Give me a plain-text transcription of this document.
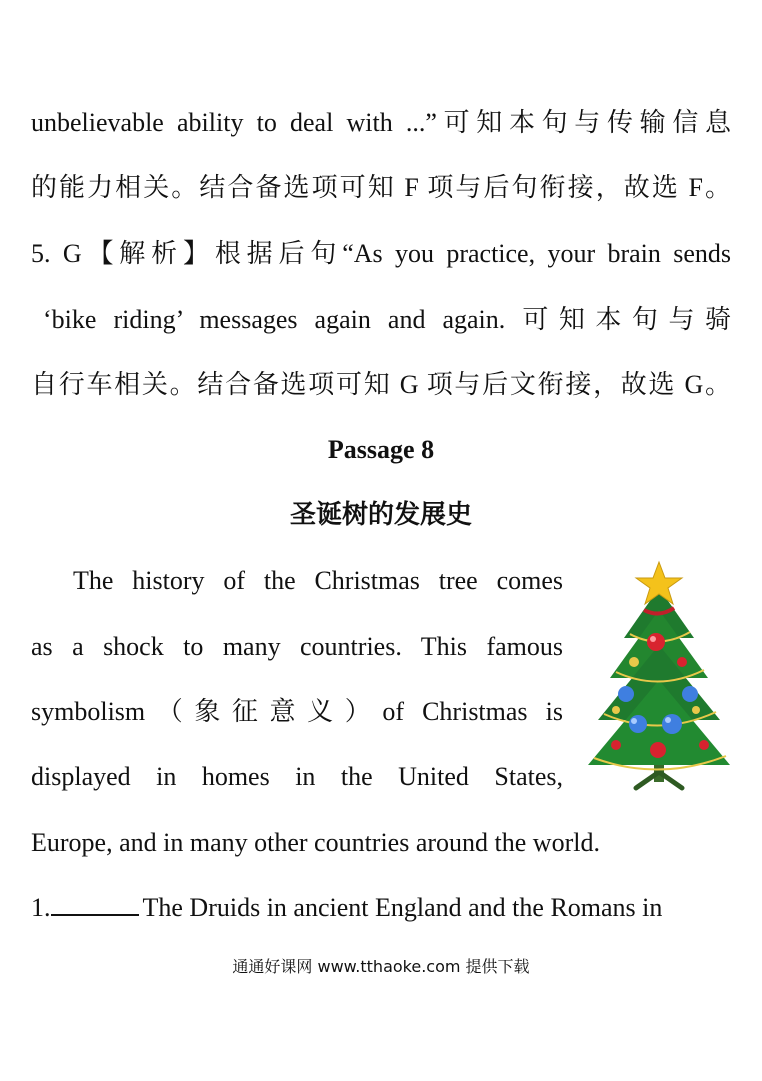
unbelievable ability to deal with ...”可知本句与传输信息
的能力相关。结合备选项可知 F 项与后句衔接，故选 F。
5. G【解析】根据后句“As you practice, your brain sends
‘bike riding’ messages again and again. 可知本句与骑
自行车相关。结合备选项可知 G 项与后文衔接，故选 G。
Passage 8
圣诞树的发展史
The history of the Christmas tree comes
as a shock to many countries. This famous
symbolism（象征意义）of Christmas is
displayed in homes in the United States,
Europe, and in many other countries around the world.
1.	The Druids in ancient England and the Romans in
通通好课网 www.tthaoke.com 提供下载
